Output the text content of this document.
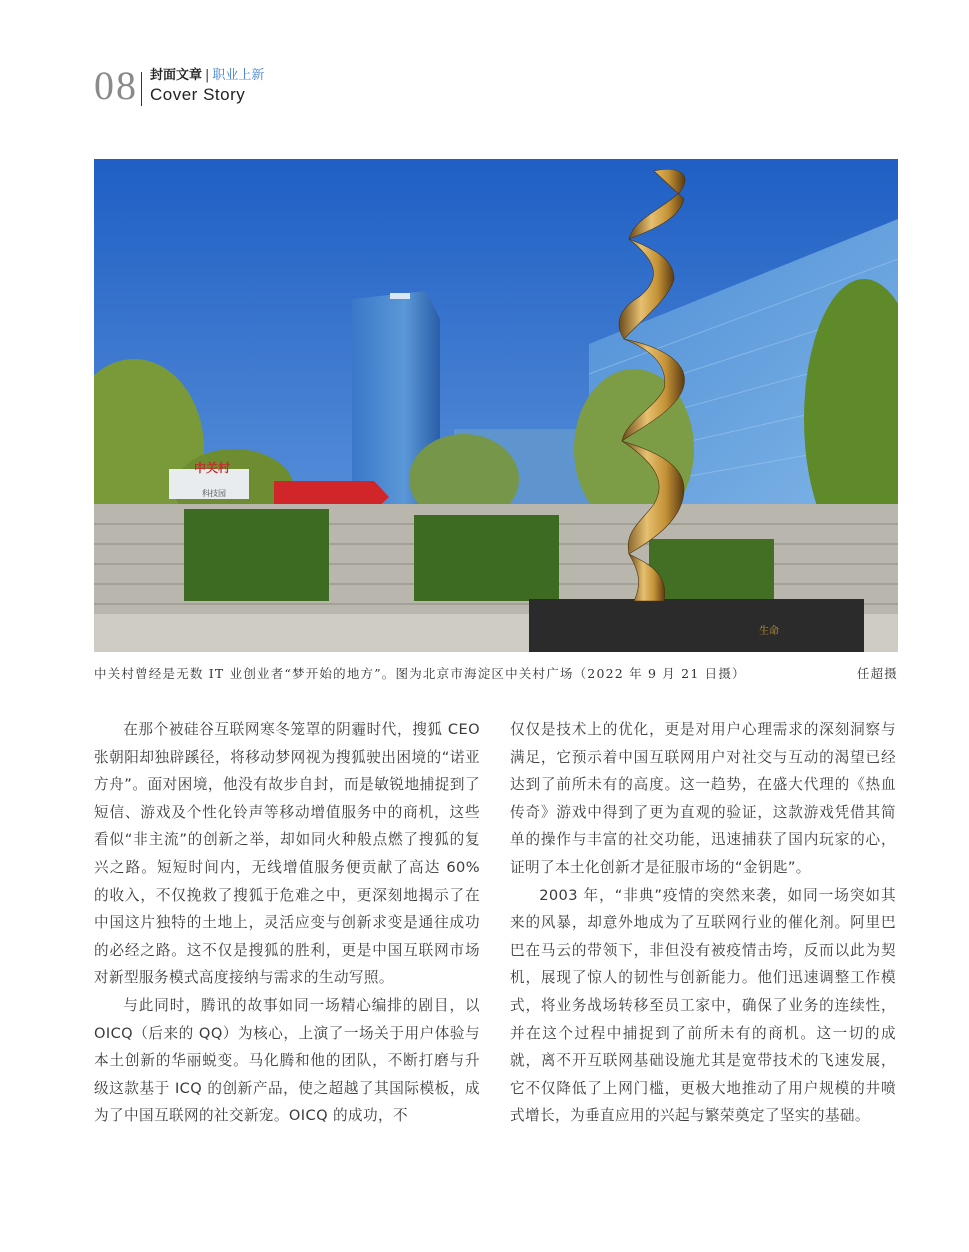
08 封面文章 | 职业上新
Cover Story
中关村
科技园
生命
中关村曾经是无数 IT 业创业者“梦开始的地方”。图为北京市海淀区中关村广场（2022 年 9 月 21 日摄）	任超摄

在那个被硅谷互联网寒冬笼罩的阴霾时代，搜狐 CEO 张朝阳却独辟蹊径，将移动梦网视为搜狐驶出困境的“诺亚方舟”。面对困境，他没有故步自封，而是敏锐地捕捉到了短信、游戏及个性化铃声等移动增值服务中的商机，这些看似“非主流”的创新之举，却如同火种般点燃了搜狐的复兴之路。短短时间内，无线增值服务便贡献了高达 60% 的收入，不仅挽救了搜狐于危难之中，更深刻地揭示了在中国这片独特的土地上，灵活应变与创新求变是通往成功的必经之路。这不仅是搜狐的胜利，更是中国互联网市场对新型服务模式高度接纳与需求的生动写照。

与此同时，腾讯的故事如同一场精心编排的剧目，以 OICQ（后来的 QQ）为核心，上演了一场关于用户体验与本土创新的华丽蜕变。马化腾和他的团队，不断打磨与升级这款基于 ICQ 的创新产品，使之超越了其国际模板，成为了中国互联网的社交新宠。OICQ 的成功，不

仅仅是技术上的优化，更是对用户心理需求的深刻洞察与满足，它预示着中国互联网用户对社交与互动的渴望已经达到了前所未有的高度。这一趋势，在盛大代理的《热血传奇》游戏中得到了更为直观的验证，这款游戏凭借其简单的操作与丰富的社交功能，迅速捕获了国内玩家的心，证明了本土化创新才是征服市场的“金钥匙”。

2003 年，“非典”疫情的突然来袭，如同一场突如其来的风暴，却意外地成为了互联网行业的催化剂。阿里巴巴在马云的带领下，非但没有被疫情击垮，反而以此为契机，展现了惊人的韧性与创新能力。他们迅速调整工作模式，将业务战场转移至员工家中，确保了业务的连续性，并在这个过程中捕捉到了前所未有的商机。这一切的成就，离不开互联网基础设施尤其是宽带技术的飞速发展，它不仅降低了上网门槛，更极大地推动了用户规模的井喷式增长，为垂直应用的兴起与繁荣奠定了坚实的基础。
